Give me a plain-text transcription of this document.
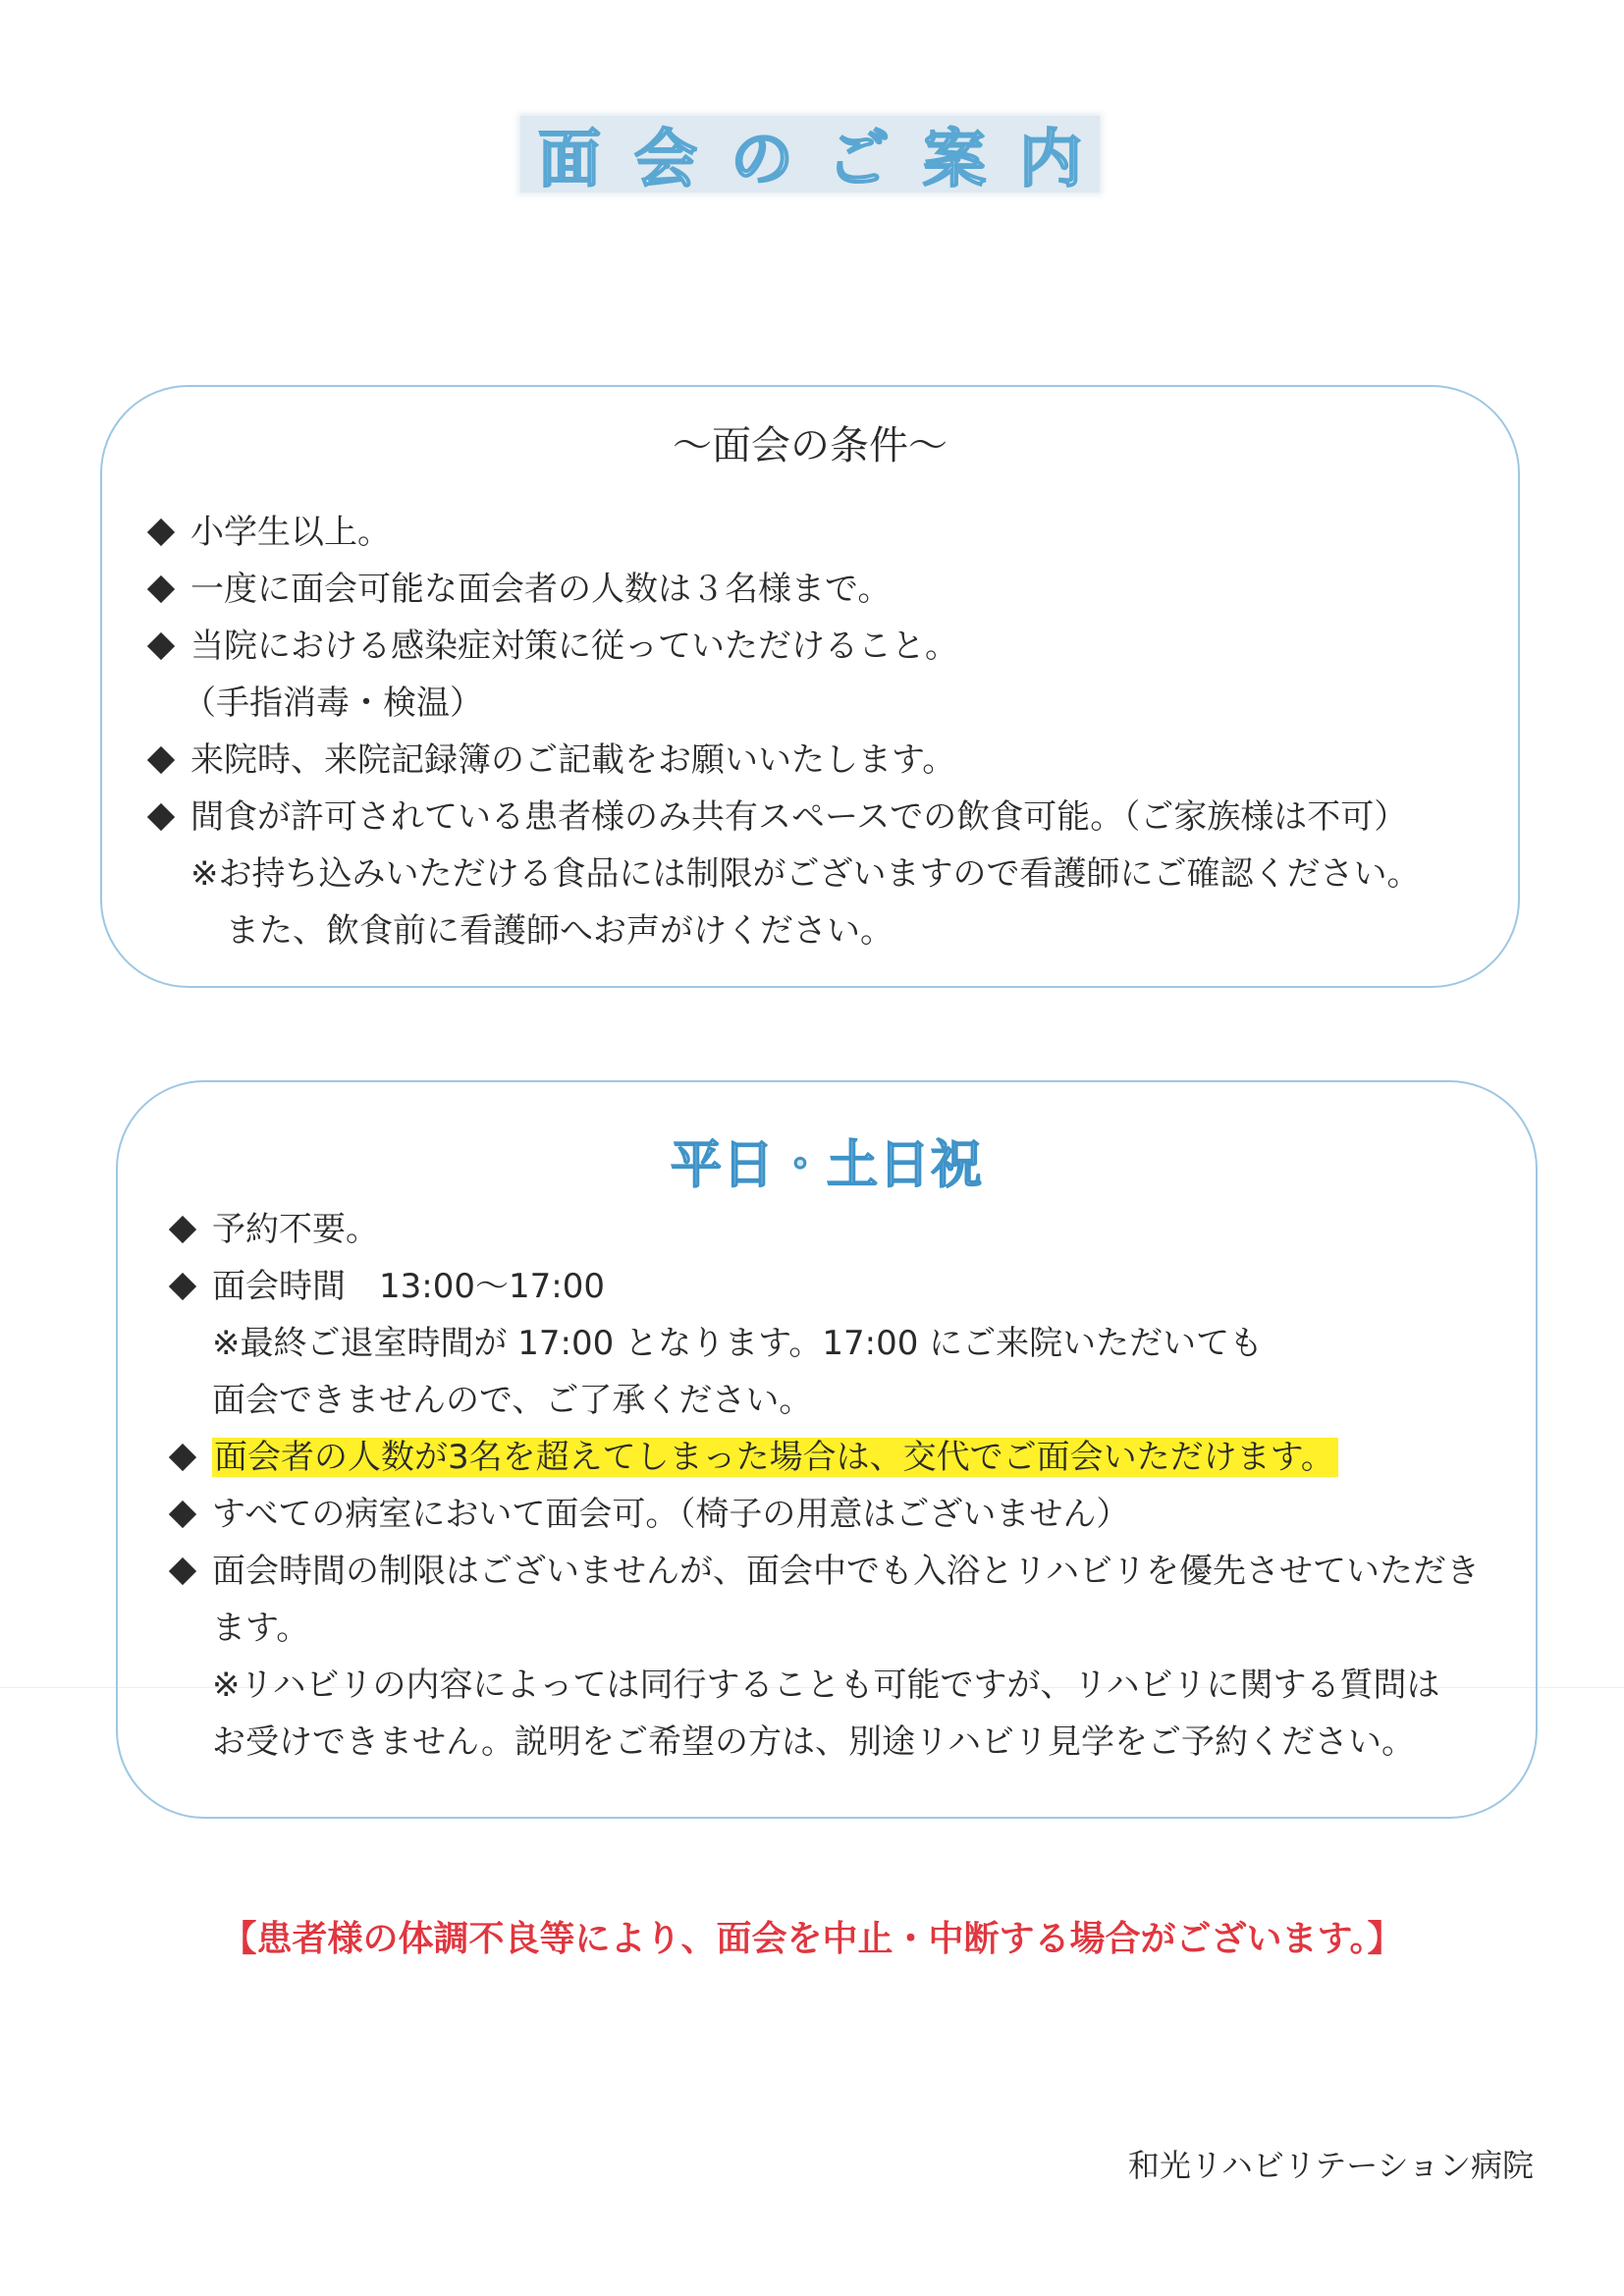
面会のご案内
～面会の条件～
小学生以上。
一度に面会可能な面会者の人数は３名様まで。
当院における感染症対策に従っていただけること。
（手指消毒・検温）
来院時、来院記録簿のご記載をお願いいたします。
間食が許可されている患者様のみ共有スペースでの飲食可能。（ご家族様は不可）
※お持ち込みいただける食品には制限がございますので看護師にご確認ください。
また、飲食前に看護師へお声がけください。
平日・土日祝
予約不要。
面会時間　13:00～17:00
※最終ご退室時間が 17:00 となります。17:00 にご来院いただいても
面会できませんので、ご了承ください。
面会者の人数が3名を超えてしまった場合は、交代でご面会いただけます。
すべての病室において面会可。（椅子の用意はございません）
面会時間の制限はございませんが、面会中でも入浴とリハビリを優先させていただき
ます。
※リハビリの内容によっては同行することも可能ですが、リハビリに関する質問は
お受けできません。説明をご希望の方は、別途リハビリ見学をご予約ください。
【患者様の体調不良等により、面会を中止・中断する場合がございます。】
和光リハビリテーション病院
